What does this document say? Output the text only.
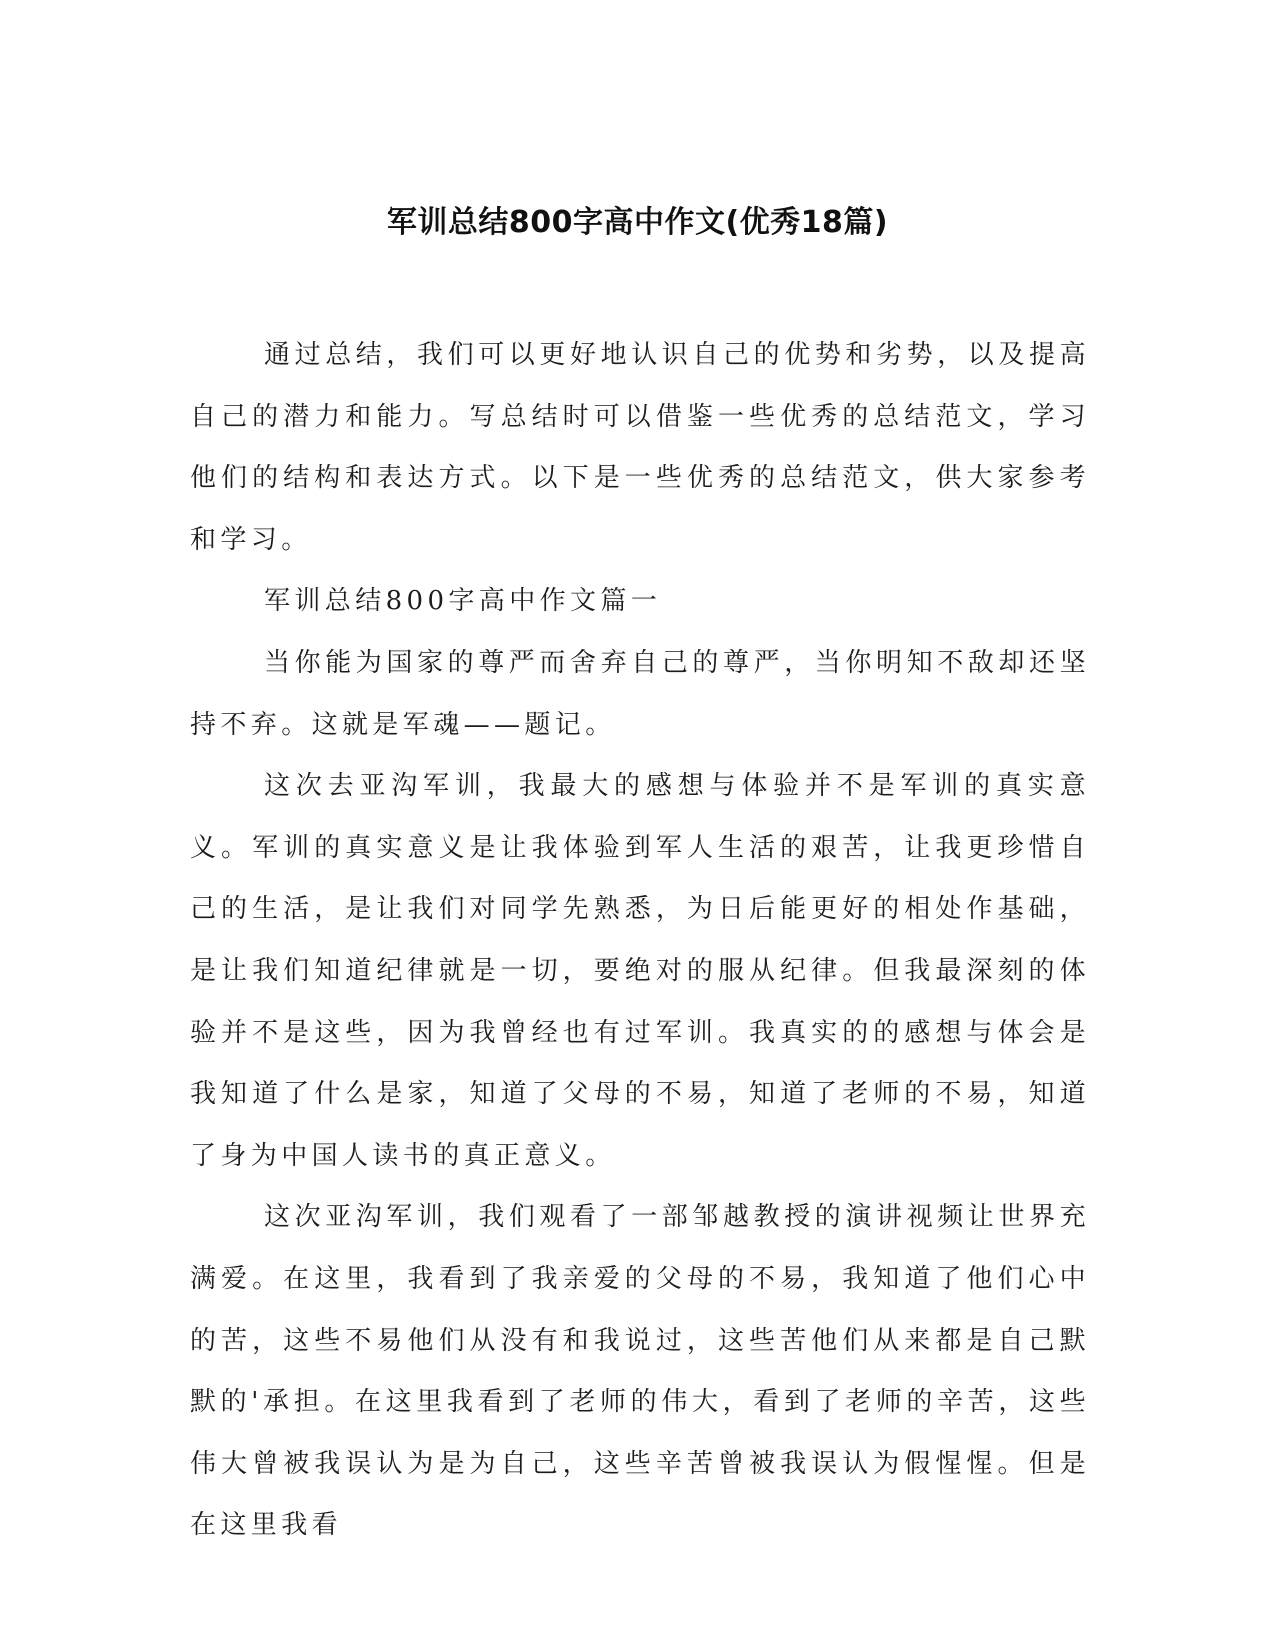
军训总结800字高中作文(优秀18篇)

通过总结，我们可以更好地认识自己的优势和劣势，以及提高自己的潜力和能力。写总结时可以借鉴一些优秀的总结范文，学习他们的结构和表达方式。以下是一些优秀的总结范文，供大家参考和学习。

军训总结800字高中作文篇一

当你能为国家的尊严而舍弃自己的尊严，当你明知不敌却还坚持不弃。这就是军魂——题记。

这次去亚沟军训，我最大的感想与体验并不是军训的真实意义。军训的真实意义是让我体验到军人生活的艰苦，让我更珍惜自己的生活，是让我们对同学先熟悉，为日后能更好的相处作基础，是让我们知道纪律就是一切，要绝对的服从纪律。但我最深刻的体验并不是这些，因为我曾经也有过军训。我真实的的感想与体会是我知道了什么是家，知道了父母的不易，知道了老师的不易，知道了身为中国人读书的真正意义。

这次亚沟军训，我们观看了一部邹越教授的演讲视频让世界充满爱。在这里，我看到了我亲爱的父母的不易，我知道了他们心中的苦，这些不易他们从没有和我说过，这些苦他们从来都是自己默默的'承担。在这里我看到了老师的伟大，看到了老师的辛苦，这些伟大曾被我误认为是为自己，这些辛苦曾被我误认为假惺惺。但是在这里我看
